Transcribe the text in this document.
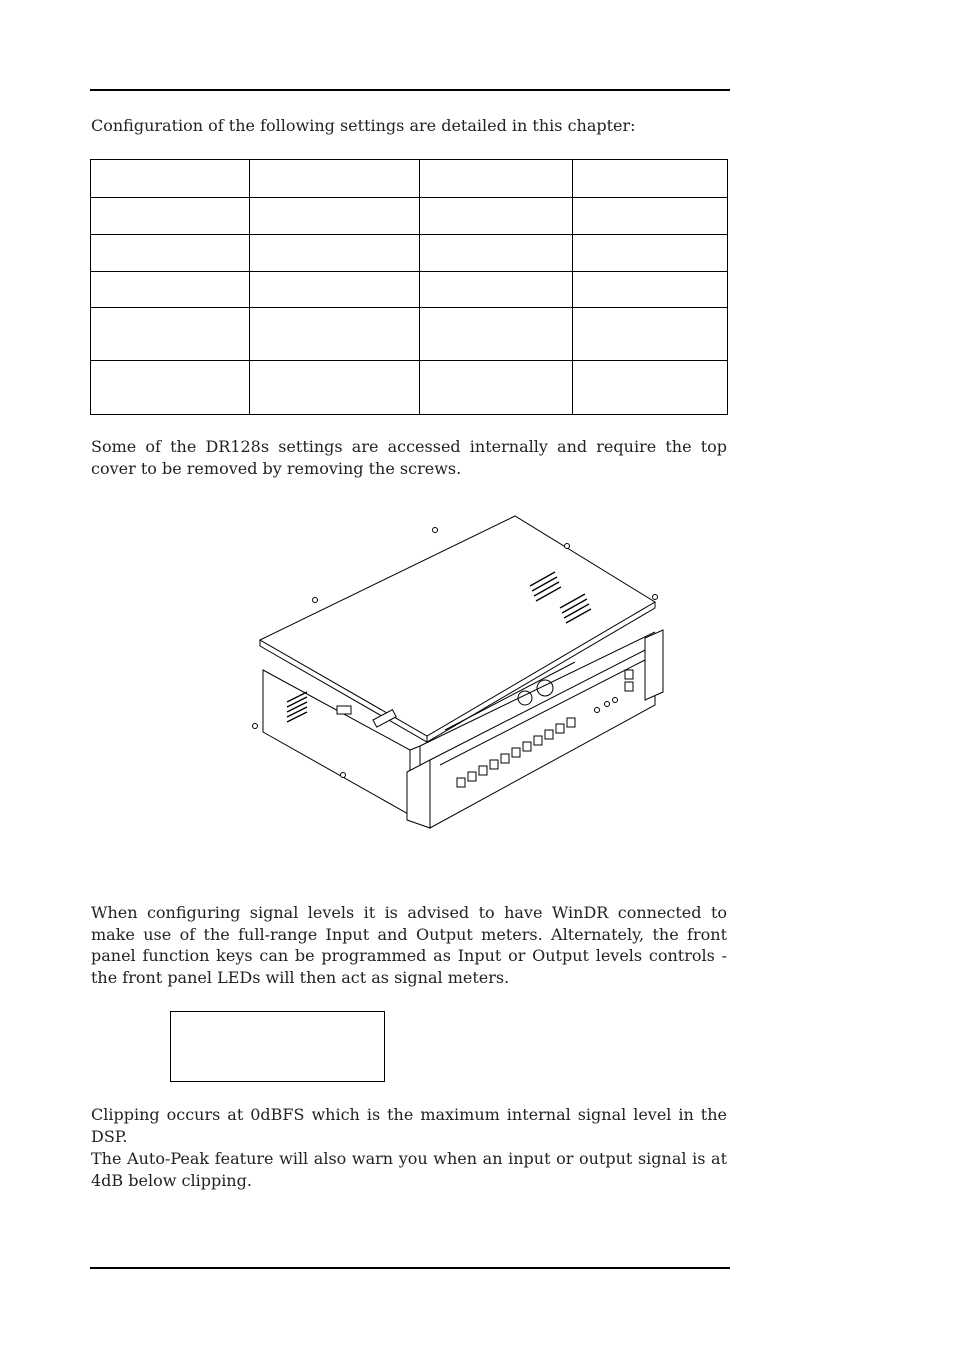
Configuration of the following settings are detailed in this chapter:

Some of the DR128s settings are accessed internally and require the top cover to be removed by removing the screws.

When configuring signal levels it is advised to have WinDR connected to make use of the full-range Input and Output meters. Alternately, the front panel function keys can be programmed as Input or Output levels controls - the front panel LEDs will then act as signal meters.

Clipping occurs at 0dBFS which is the maximum internal signal level in the DSP.

The Auto-Peak feature will also warn you when an input or output signal is at 4dB below clipping.
